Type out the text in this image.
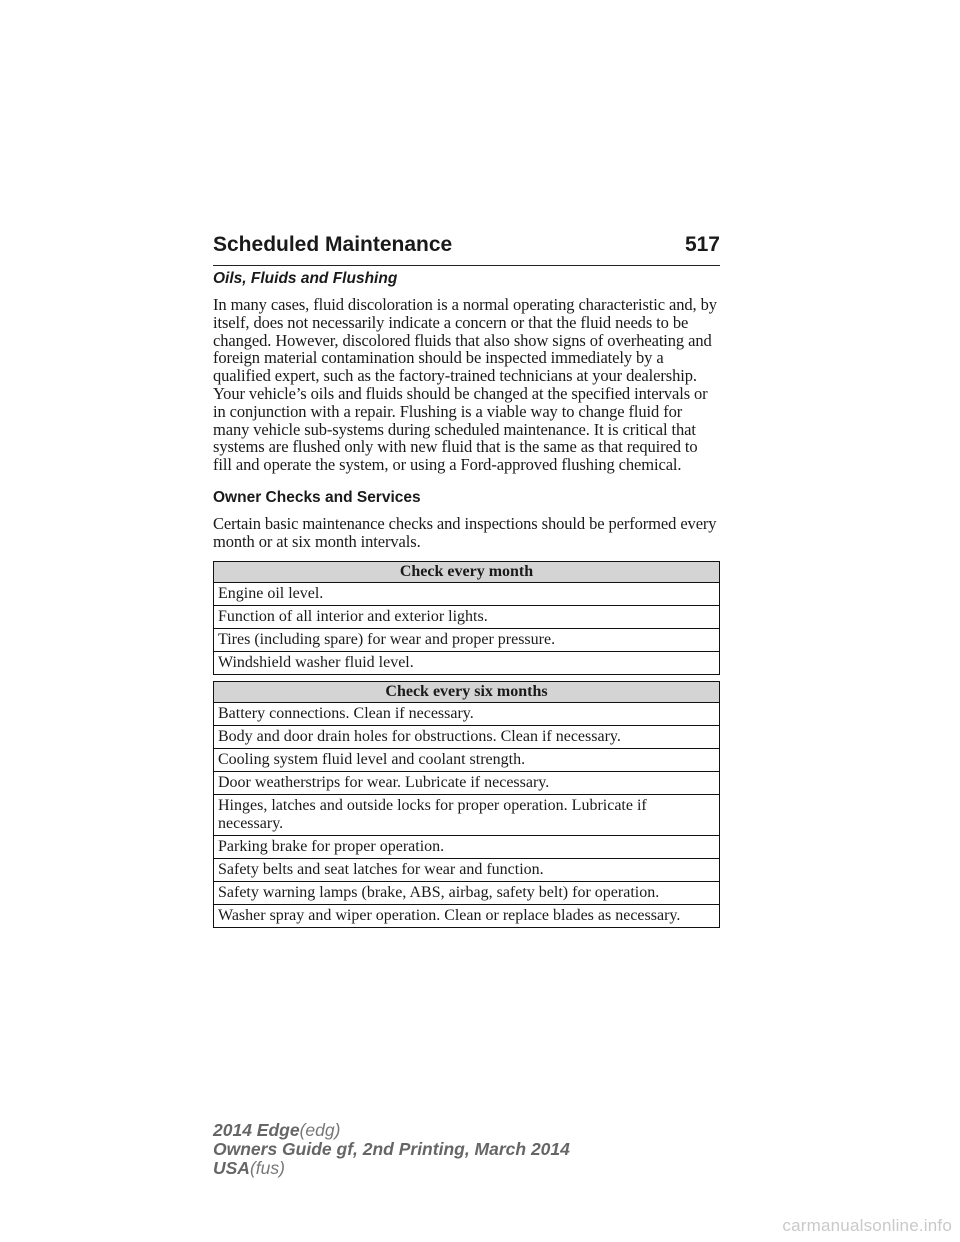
Scheduled Maintenance	517
Oils, Fluids and Flushing

In many cases, fluid discoloration is a normal operating characteristic and, by itself, does not necessarily indicate a concern or that the fluid needs to be changed. However, discolored fluids that also show signs of overheating and foreign material contamination should be inspected immediately by a qualified expert, such as the factory-trained technicians at your dealership. Your vehicle’s oils and fluids should be changed at the specified intervals or in conjunction with a repair. Flushing is a viable way to change fluid for many vehicle sub-systems during scheduled maintenance. It is critical that systems are flushed only with new fluid that is the same as that required to fill and operate the system, or using a Ford-approved flushing chemical.

Owner Checks and Services

Certain basic maintenance checks and inspections should be performed every month or at six month intervals.

Check every month
Engine oil level.
Function of all interior and exterior lights.
Tires (including spare) for wear and proper pressure.
Windshield washer fluid level.
Check every six months
Battery connections. Clean if necessary.
Body and door drain holes for obstructions. Clean if necessary.
Cooling system fluid level and coolant strength.
Door weatherstrips for wear. Lubricate if necessary.
Hinges, latches and outside locks for proper operation. Lubricate if necessary.
Parking brake for proper operation.
Safety belts and seat latches for wear and function.
Safety warning lamps (brake, ABS, airbag, safety belt) for operation.
Washer spray and wiper operation. Clean or replace blades as necessary.
2014 Edge(edg)
Owners Guide gf, 2nd Printing, March 2014
USA(fus)
carmanualsonline.info
